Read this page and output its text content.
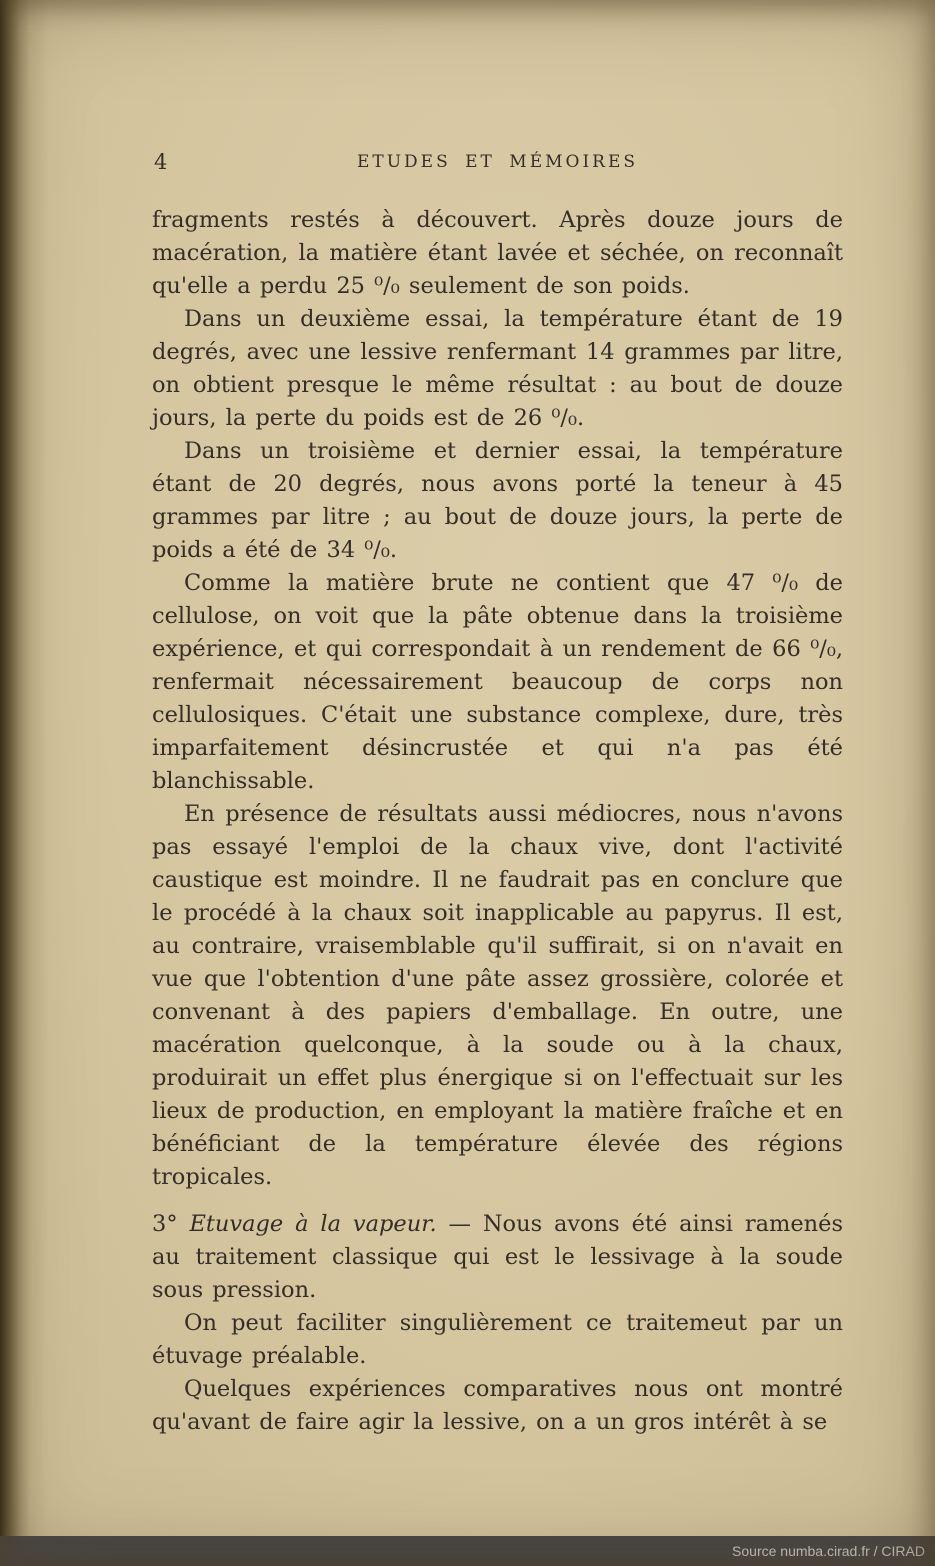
4	ETUDES ET MÉMOIRES

fragments restés à découvert. Après douze jours de macération, la matière étant lavée et séchée, on reconnaît qu'elle a perdu 25 ⁰/₀ seulement de son poids.

Dans un deuxième essai, la température étant de 19 degrés, avec une lessive renfermant 14 grammes par litre, on obtient presque le même résultat : au bout de douze jours, la perte du poids est de 26 ⁰/₀.

Dans un troisième et dernier essai, la température étant de 20 degrés, nous avons porté la teneur à 45 grammes par litre ; au bout de douze jours, la perte de poids a été de 34 ⁰/₀.

Comme la matière brute ne contient que 47 ⁰/₀ de cellulose, on voit que la pâte obtenue dans la troisième expérience, et qui correspondait à un rendement de 66 ⁰/₀, renfermait nécessairement beaucoup de corps non cellulosiques. C'était une substance complexe, dure, très imparfaitement désincrustée et qui n'a pas été blanchissable.

En présence de résultats aussi médiocres, nous n'avons pas essayé l'emploi de la chaux vive, dont l'activité caustique est moindre. Il ne faudrait pas en conclure que le procédé à la chaux soit inapplicable au papyrus. Il est, au contraire, vraisemblable qu'il suffirait, si on n'avait en vue que l'obtention d'une pâte assez grossière, colorée et convenant à des papiers d'emballage. En outre, une macération quelconque, à la soude ou à la chaux, produirait un effet plus énergique si on l'effectuait sur les lieux de production, en employant la matière fraîche et en bénéficiant de la température élevée des régions tropicales.

3° Etuvage à la vapeur. — Nous avons été ainsi ramenés au traitement classique qui est le lessivage à la soude sous pression.

On peut faciliter singulièrement ce traitemeut par un étuvage préalable.

Quelques expériences comparatives nous ont montré qu'avant de faire agir la lessive, on a un gros intérêt à se

Source numba.cirad.fr / CIRAD
